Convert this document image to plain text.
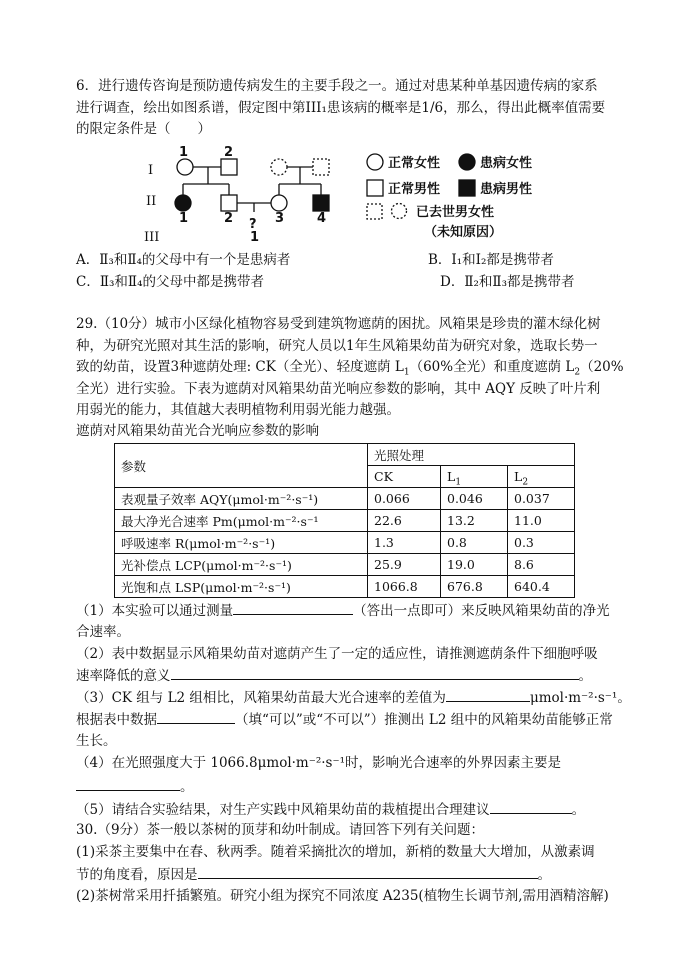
6．进行遗传咨询是预防遗传病发生的主要手段之一。通过对患某种单基因遗传病的家系
进行调查，绘出如图系谱，假定图中第III₁患该病的概率是1/6，那么，得出此概率值需要
的限定条件是（　　）
I
II
III
1	2
1	2 ? 3	4
1
正常女性	患病女性
正常男性	患病男性
已去世男女性
（未知原因）
A．Ⅱ₃和Ⅱ₄的父母中有一个是患病者	B．Ⅰ₁和Ⅰ₂都是携带者
C．Ⅱ₃和Ⅱ₄的父母中都是携带者	D．Ⅱ₂和Ⅱ₃都是携带者
29.（10分）城市小区绿化植物容易受到建筑物遮荫的困扰。风箱果是珍贵的灌木绿化树
种，为研究光照对其生活的影响，研究人员以1年生风箱果幼苗为研究对象，选取长势一
致的幼苗，设置3种遮荫处理: CK（全光）、轻度遮荫 $L_1(60\%$全光）和重度遮荫 $L_2(20\%$
全光）进行实验。下表为遮荫对风箱果幼苗光响应参数的影响，其中 AQY 反映了叶片利
用弱光的能力，其值越大表明植物利用弱光能力越强。
遮荫对风箱果幼苗光合光响应参数的影响
参数	光照处理		
	CK	$L_1$	$L_2$
表观量子效率 AQY(μmol·m⁻²·s⁻¹)	0.066	0.046	0.037
最大净光合速率 Pm(μmol·m⁻²·s⁻¹	22.6	13.2	11.0
呼吸速率 R(μmol·m⁻²·s⁻¹)	1.3	0.8	0.3
光补偿点 LCP(μmol·m⁻²·s⁻¹)	25.9	19.0	8.6
光饱和点 LSP(μmol·m⁻²·s⁻¹)	1066.8	676.8	640.4
（1）本实验可以通过测量	（答出一点即可）来反映风箱果幼苗的净光
合速率。
（2）表中数据显示风箱果幼苗对遮荫产生了一定的适应性，请推测遮荫条件下细胞呼吸
速率降低的意义	。
（3）CK 组与 L2 组相比，风箱果幼苗最大光合速率的差值为	μmol·m⁻²·s⁻¹。
根据表中数据	（填“可以”或“不可以”）推测出 L2 组中的风箱果幼苗能够正常
生长。
（4）在光照强度大于 1066.8μmol·m⁻²·s⁻¹时，影响光合速率的外界因素主要是
。
（5）请结合实验结果，对生产实践中风箱果幼苗的栽植提出合理建议	。
30.（9分）茶一般以茶树的顶芽和幼叶制成。请回答下列有关问题：
(1)采茶主要集中在春、秋两季。随着采摘批次的增加，新梢的数量大大增加，从激素调
节的角度看，原因是	。
(2)茶树常采用扦插繁殖。研究小组为探究不同浓度 A235(植物生长调节剂,需用酒精溶解)
